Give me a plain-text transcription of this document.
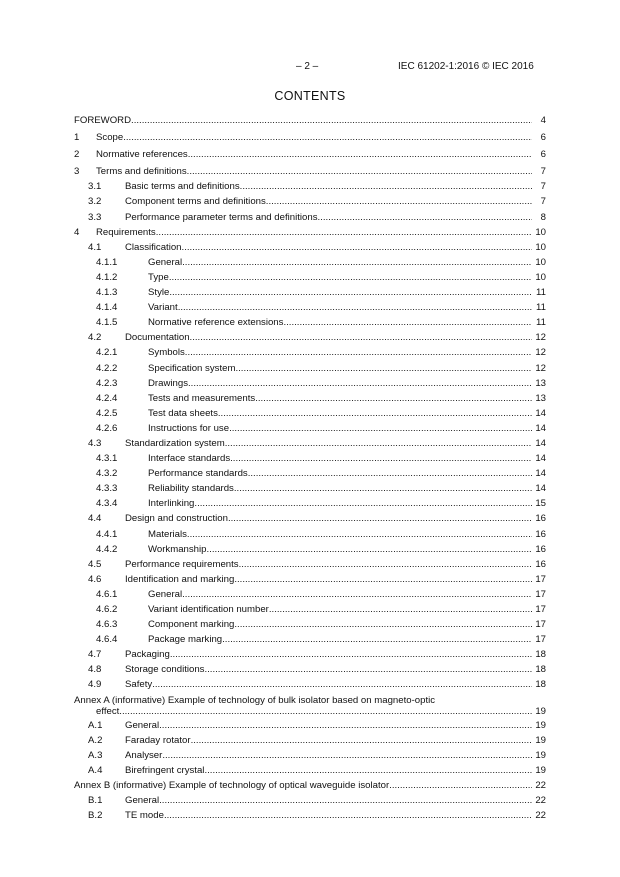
– 2 –	IEC 61202-1:2016 © IEC 2016
CONTENTS
FOREWORD .....	4
1 Scope .....	6
2 Normative references .....	6
3 Terms and definitions .....	7
3.1 Basic terms and definitions .....	7
3.2 Component terms and definitions .....	7
3.3 Performance parameter terms and definitions .....	8
4 Requirements .....	10
4.1 Classification .....	10
4.1.1	General .....	10
4.1.2	Type .....	10
4.1.3	Style .....	11
4.1.4	Variant .....	11
4.1.5	Normative reference extensions .....	11
4.2 Documentation .....	12
4.2.1	Symbols .....	12
4.2.2	Specification system .....	12
4.2.3	Drawings .....	13
4.2.4	Tests and measurements .....	13
4.2.5	Test data sheets .....	14
4.2.6	Instructions for use .....	14
4.3 Standardization system .....	14
4.3.1	Interface standards .....	14
4.3.2	Performance standards .....	14
4.3.3	Reliability standards .....	14
4.3.4	Interlinking .....	15
4.4 Design and construction .....	16
4.4.1	Materials .....	16
4.4.2	Workmanship .....	16
4.5 Performance requirements .....	16
4.6 Identification and marking .....	17
4.6.1	General .....	17
4.6.2	Variant identification number .....	17
4.6.3	Component marking .....	17
4.6.4	Package marking .....	17
4.7 Packaging .....	18
4.8 Storage conditions .....	18
4.9 Safety .....	18
Annex A (informative) Example of technology of bulk isolator based on magneto-optic
effect .....	19
A.1 General .....	19
A.2 Faraday rotator .....	19
A.3 Analyser .....	19
A.4 Birefringent crystal .....	19
Annex B (informative) Example of technology of optical waveguide isolator .....	22
B.1 General .....	22
B.2 TE mode .....	22
